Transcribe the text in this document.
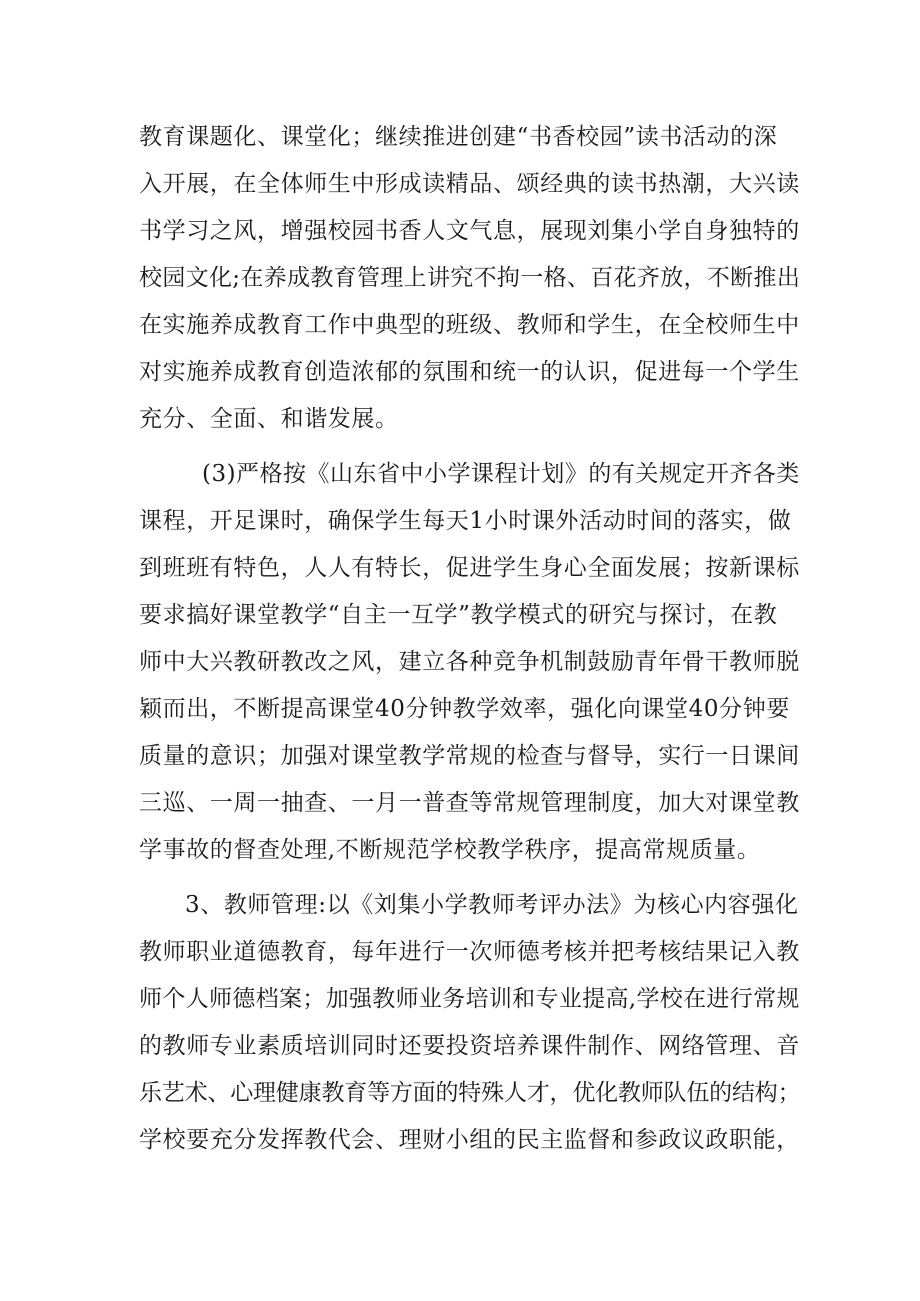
教育课题化、课堂化；继续推进创建“书香校园”读书活动的深
入开展，在全体师生中形成读精品、颂经典的读书热潮，大兴读
书学习之风，增强校园书香人文气息，展现刘集小学自身独特的
校园文化;在养成教育管理上讲究不拘一格、百花齐放，不断推出
在实施养成教育工作中典型的班级、教师和学生，在全校师生中
对实施养成教育创造浓郁的氛围和统一的认识，促进每一个学生
充分、全面、和谐发展。
(3)严格按《山东省中小学课程计划》的有关规定开齐各类
课程，开足课时，确保学生每天1小时课外活动时间的落实，做
到班班有特色，人人有特长，促进学生身心全面发展；按新课标
要求搞好课堂教学“自主一互学”教学模式的研究与探讨，在教
师中大兴教研教改之风，建立各种竞争机制鼓励青年骨干教师脱
颖而出，不断提高课堂40分钟教学效率，强化向课堂40分钟要
质量的意识；加强对课堂教学常规的检查与督导，实行一日课间
三巡、一周一抽查、一月一普查等常规管理制度，加大对课堂教
学事故的督查处理,不断规范学校教学秩序，提高常规质量。
3、教师管理:以《刘集小学教师考评办法》为核心内容强化
教师职业道德教育，每年进行一次师德考核并把考核结果记入教
师个人师德档案；加强教师业务培训和专业提高,学校在进行常规
的教师专业素质培训同时还要投资培养课件制作、网络管理、音
乐艺术、心理健康教育等方面的特殊人才，优化教师队伍的结构；
学校要充分发挥教代会、理财小组的民主监督和参政议政职能，
